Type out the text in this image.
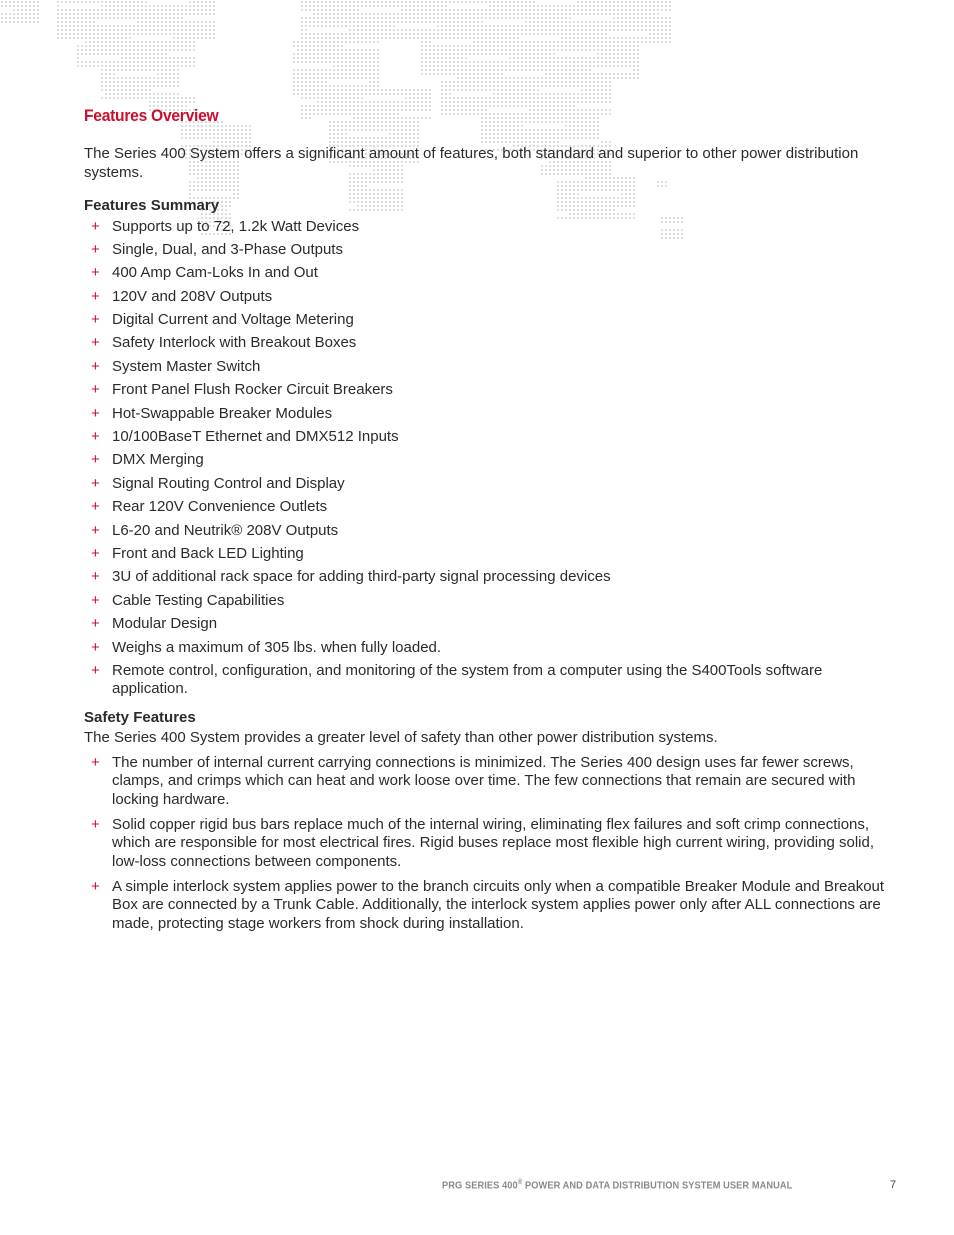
Features Overview

The Series 400 System offers a significant amount of features, both standard and superior to other power distribution systems.

Features Summary
+ Supports up to 72, 1.2k Watt Devices
+ Single, Dual, and 3-Phase Outputs
+ 400 Amp Cam-Loks In and Out
+ 120V and 208V Outputs
+ Digital Current and Voltage Metering
+ Safety Interlock with Breakout Boxes
+ System Master Switch
+ Front Panel Flush Rocker Circuit Breakers
+ Hot-Swappable Breaker Modules
+ 10/100BaseT Ethernet and DMX512 Inputs
+ DMX Merging
+ Signal Routing Control and Display
+ Rear 120V Convenience Outlets
+ L6-20 and Neutrik® 208V Outputs
+ Front and Back LED Lighting
+ 3U of additional rack space for adding third-party signal processing devices
+ Cable Testing Capabilities
+ Modular Design
+ Weighs a maximum of 305 lbs. when fully loaded.
+ Remote control, configuration, and monitoring of the system from a computer using the S400Tools software application.
Safety Features

The Series 400 System provides a greater level of safety than other power distribution systems.

+ The number of internal current carrying connections is minimized. The Series 400 design uses far fewer screws, clamps, and crimps which can heat and work loose over time. The few connections that remain are secured with locking hardware.
+ Solid copper rigid bus bars replace much of the internal wiring, eliminating flex failures and soft crimp connections, which are responsible for most electrical fires. Rigid buses replace most flexible high current wiring, providing solid, low-loss connections between components.
+ A simple interlock system applies power to the branch circuits only when a compatible Breaker Module and Breakout Box are connected by a Trunk Cable. Additionally, the interlock system applies power only after ALL connections are made, protecting stage workers from shock during installation.
PRG SERIES 400® POWER AND DATA DISTRIBUTION SYSTEM USER MANUAL	7
